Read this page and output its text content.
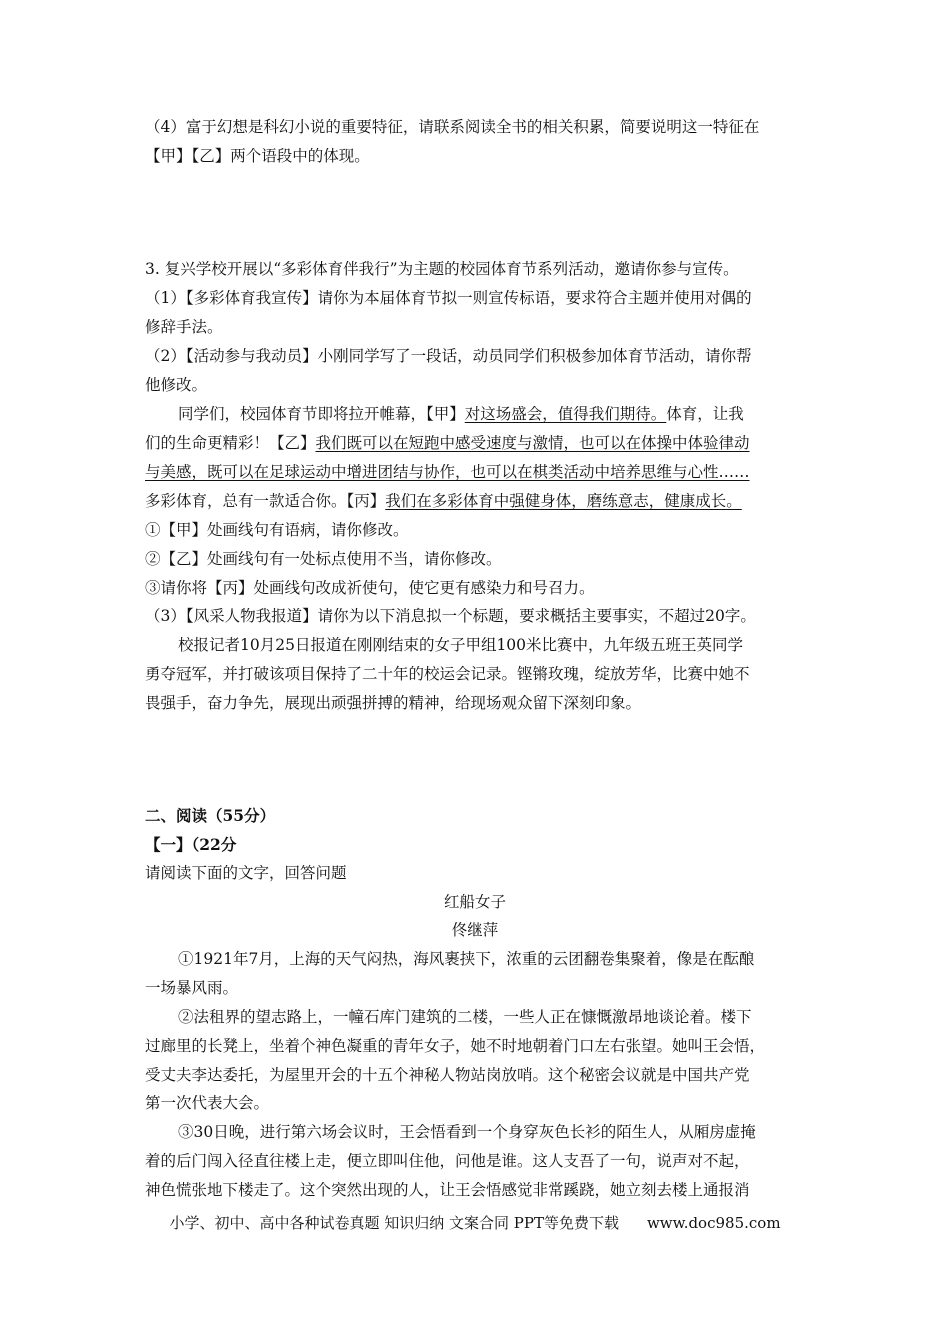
（4）富于幻想是科幻小说的重要特征，请联系阅读全书的相关积累，简要说明这一特征在
【甲】【乙】两个语段中的体现。
3. 复兴学校开展以“多彩体育伴我行”为主题的校园体育节系列活动，邀请你参与宣传。
（1）【多彩体育我宣传】请你为本届体育节拟一则宣传标语，要求符合主题并使用对偶的
修辞手法。
（2）【活动参与我动员】小刚同学写了一段话，动员同学们积极参加体育节活动，请你帮
他修改。
同学们，校园体育节即将拉开帷幕，【甲】对这场盛会，值得我们期待。体育，让我
们的生命更精彩！【乙】我们既可以在短跑中感受速度与激情，也可以在体操中体验律动
与美感，既可以在足球运动中增进团结与协作，也可以在棋类活动中培养思维与心性……
多彩体育，总有一款适合你。【丙】我们在多彩体育中强健身体，磨练意志，健康成长。
①【甲】处画线句有语病，请你修改。
②【乙】处画线句有一处标点使用不当，请你修改。
③请你将【丙】处画线句改成祈使句，使它更有感染力和号召力。
（3）【风采人物我报道】请你为以下消息拟一个标题，要求概括主要事实，不超过20字。
校报记者10月25日报道在刚刚结束的女子甲组100米比赛中，九年级五班王英同学
勇夺冠军，并打破该项目保持了二十年的校运会记录。铿锵玫瑰，绽放芳华，比赛中她不
畏强手，奋力争先，展现出顽强拼搏的精神，给现场观众留下深刻印象。
二、阅读（55分）
【一】（22分
请阅读下面的文字，回答问题
红船女子
佟继萍
①1921年7月，上海的天气闷热，海风裹挟下，浓重的云团翻卷集聚着，像是在酝酿
一场暴风雨。
②法租界的望志路上，一幢石库门建筑的二楼，一些人正在慷慨激昂地谈论着。楼下
过廊里的长凳上，坐着个神色凝重的青年女子，她不时地朝着门口左右张望。她叫王会悟，
受丈夫李达委托，为屋里开会的十五个神秘人物站岗放哨。这个秘密会议就是中国共产党
第一次代表大会。
③30日晚，进行第六场会议时，王会悟看到一个身穿灰色长衫的陌生人，从厢房虚掩
着的后门闯入径直往楼上走，便立即叫住他，问他是谁。这人支吾了一句，说声对不起，
神色慌张地下楼走了。这个突然出现的人，让王会悟感觉非常蹊跷，她立刻去楼上通报消
小学、初中、高中各种试卷真题 知识归纳 文案合同 PPT等免费下载 www.doc985.com
